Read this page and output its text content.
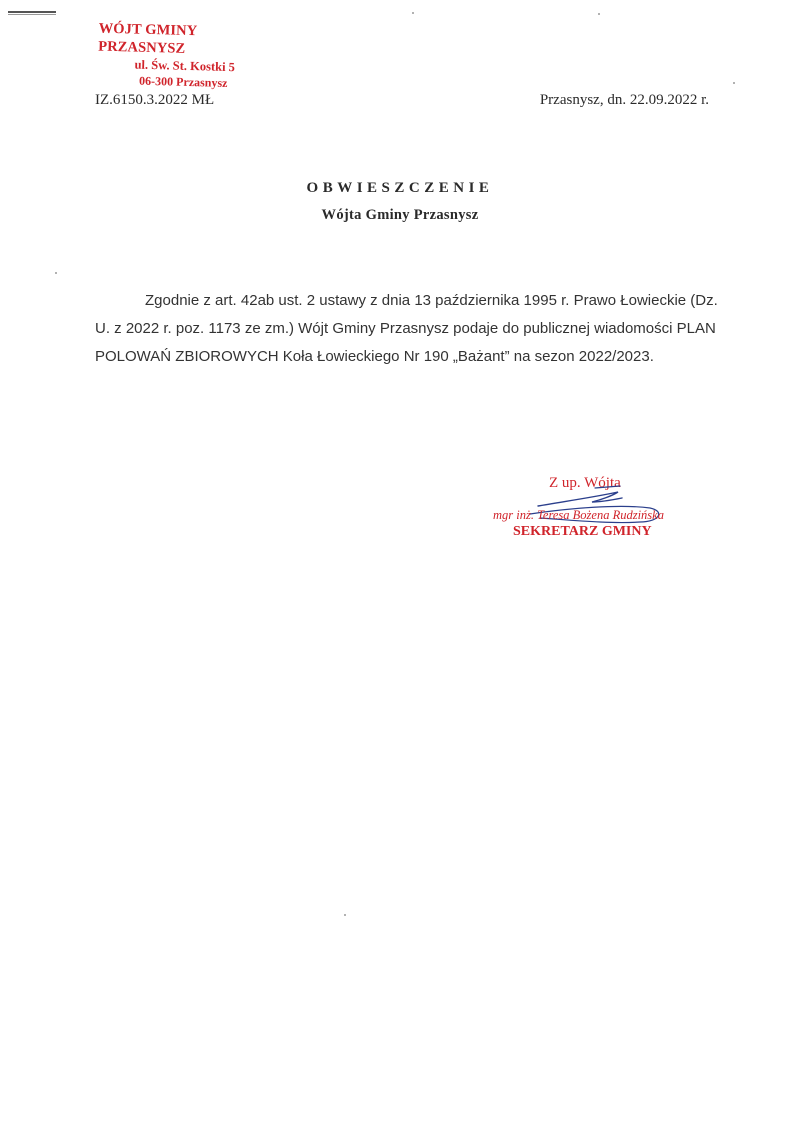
WÓJT GMINY PRZASNYSZ
ul. Św. St. Kostki 5
06-300 Przasnysz
IZ.6150.3.2022 MŁ	Przasnysz, dn. 22.09.2022 r.
OBWIESZCZENIE
Wójta Gminy Przasnysz
Zgodnie z art. 42ab ust. 2 ustawy z dnia 13 października 1995 r. Prawo Łowieckie (Dz.
U. z 2022 r. poz. 1173 ze zm.) Wójt Gminy Przasnysz podaje do publicznej wiadomości PLAN
POLOWAŃ ZBIOROWYCH Koła Łowieckiego Nr 190 „Bażant” na sezon 2022/2023.
Z up. Wójta
mgr inż. Teresa Bożena Rudzińska
SEKRETARZ GMINY
